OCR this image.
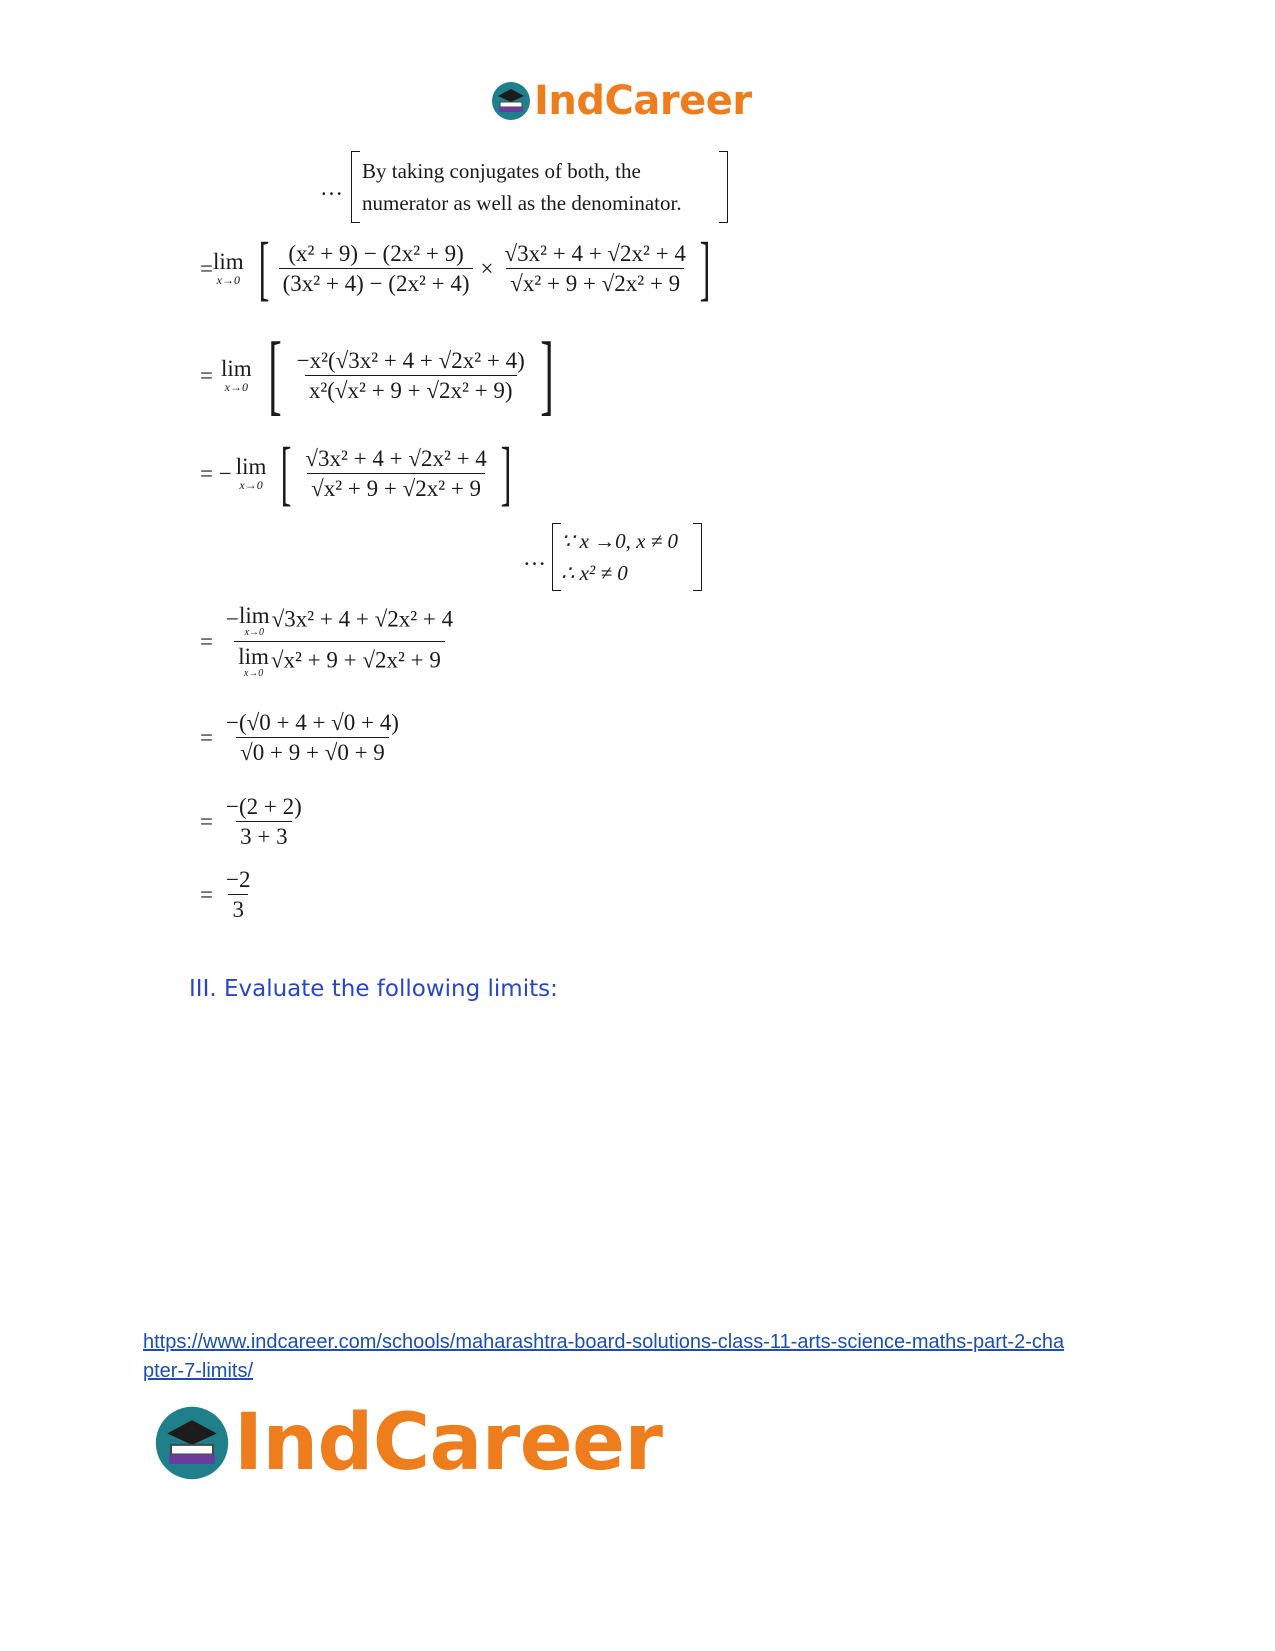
IndCareer
…
By taking conjugates of both, the
numerator as well as the denominator.
= lim
x→0 [ $\frac{\text{(x² + 9) − (2x² + 9)}}{\text{(3x² + 4) − (2x² + 4)}} \times \frac{\text{√3x² + 4 + √2x² + 4}}{\text{√x² + 9 + √2x² + 9}}$ ]
= lim
x→0 [ $\frac{\text{−x²(√3x² + 4 + √2x² + 4)}}{\text{x²(√x² + 9 + √2x² + 9)}}$ ]
= − lim
x→0 [ $\frac{\text{√3x² + 4 + √2x² + 4}}{\text{√x² + 9 + √2x² + 9}}$ ]
…
∵ x →0, x ≠ 0
∴ x² ≠ 0
= − lim
x→0
√3x² + 4 + √2x² + 4
lim
x→0
√x² + 9 + √2x² + 9
= $\frac{-(√0 + 4 + √0 + 4)}{√0 + 9 + √0 + 9}$
= $\frac{-(2 + 2)}{3 + 3}$
= $\frac{-2}{3}$
III. Evaluate the following limits:
https://www.indcareer.com/schools/maharashtra-board-solutions-class-11-arts-science-maths-part-2-chapter-7-limits/
IndCareer
